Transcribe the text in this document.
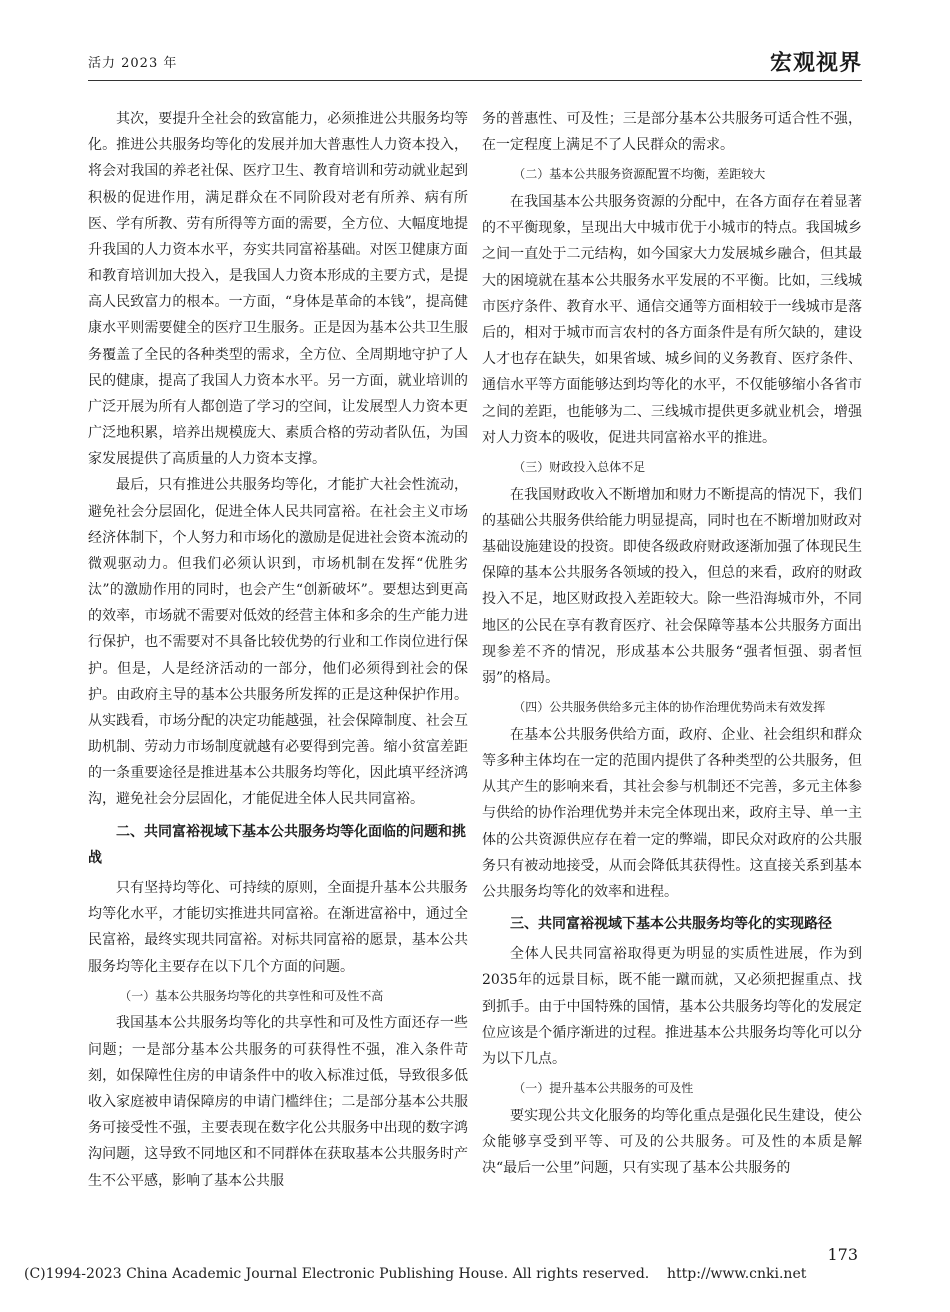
活力 2023 年	宏观视界

其次，要提升全社会的致富能力，必须推进公共服务均等化。推进公共服务均等化的发展并加大普惠性人力资本投入，将会对我国的养老社保、医疗卫生、教育培训和劳动就业起到积极的促进作用，满足群众在不同阶段对老有所养、病有所医、学有所教、劳有所得等方面的需要，全方位、大幅度地提升我国的人力资本水平，夯实共同富裕基础。对医卫健康方面和教育培训加大投入，是我国人力资本形成的主要方式，是提高人民致富力的根本。一方面，“身体是革命的本钱”，提高健康水平则需要健全的医疗卫生服务。正是因为基本公共卫生服务覆盖了全民的各种类型的需求，全方位、全周期地守护了人民的健康，提高了我国人力资本水平。另一方面，就业培训的广泛开展为所有人都创造了学习的空间，让发展型人力资本更广泛地积累，培养出规模庞大、素质合格的劳动者队伍，为国家发展提供了高质量的人力资本支撑。

最后，只有推进公共服务均等化，才能扩大社会性流动，避免社会分层固化，促进全体人民共同富裕。在社会主义市场经济体制下，个人努力和市场化的激励是促进社会资本流动的微观驱动力。但我们必须认识到，市场机制在发挥“优胜劣汰”的激励作用的同时，也会产生“创新破坏”。要想达到更高的效率，市场就不需要对低效的经营主体和多余的生产能力进行保护，也不需要对不具备比较优势的行业和工作岗位进行保护。但是，人是经济活动的一部分，他们必须得到社会的保护。由政府主导的基本公共服务所发挥的正是这种保护作用。从实践看，市场分配的决定功能越强，社会保障制度、社会互助机制、劳动力市场制度就越有必要得到完善。缩小贫富差距的一条重要途径是推进基本公共服务均等化，因此填平经济鸿沟，避免社会分层固化，才能促进全体人民共同富裕。

二、共同富裕视域下基本公共服务均等化面临的问题和挑战

只有坚持均等化、可持续的原则，全面提升基本公共服务均等化水平，才能切实推进共同富裕。在渐进富裕中，通过全民富裕，最终实现共同富裕。对标共同富裕的愿景，基本公共服务均等化主要存在以下几个方面的问题。

（一）基本公共服务均等化的共享性和可及性不高

我国基本公共服务均等化的共享性和可及性方面还存一些问题；一是部分基本公共服务的可获得性不强，准入条件苛刻，如保障性住房的申请条件中的收入标准过低，导致很多低收入家庭被申请保障房的申请门槛绊住；二是部分基本公共服务可接受性不强，主要表现在数字化公共服务中出现的数字鸿沟问题，这导致不同地区和不同群体在获取基本公共服务时产生不公平感，影响了基本公共服

务的普惠性、可及性；三是部分基本公共服务可适合性不强，在一定程度上满足不了人民群众的需求。

（二）基本公共服务资源配置不均衡，差距较大

在我国基本公共服务资源的分配中，在各方面存在着显著的不平衡现象，呈现出大中城市优于小城市的特点。我国城乡之间一直处于二元结构，如今国家大力发展城乡融合，但其最大的困境就在基本公共服务水平发展的不平衡。比如，三线城市医疗条件、教育水平、通信交通等方面相较于一线城市是落后的，相对于城市而言农村的各方面条件是有所欠缺的，建设人才也存在缺失，如果省域、城乡间的义务教育、医疗条件、通信水平等方面能够达到均等化的水平，不仅能够缩小各省市之间的差距，也能够为二、三线城市提供更多就业机会，增强对人力资本的吸收，促进共同富裕水平的推进。

（三）财政投入总体不足

在我国财政收入不断增加和财力不断提高的情况下，我们的基础公共服务供给能力明显提高，同时也在不断增加财政对基础设施建设的投资。即使各级政府财政逐渐加强了体现民生保障的基本公共服务各领域的投入，但总的来看，政府的财政投入不足，地区财政投入差距较大。除一些沿海城市外，不同地区的公民在享有教育医疗、社会保障等基本公共服务方面出现参差不齐的情况，形成基本公共服务“强者恒强、弱者恒弱”的格局。

（四）公共服务供给多元主体的协作治理优势尚未有效发挥

在基本公共服务供给方面，政府、企业、社会组织和群众等多种主体均在一定的范围内提供了各种类型的公共服务，但从其产生的影响来看，其社会参与机制还不完善，多元主体参与供给的协作治理优势并未完全体现出来，政府主导、单一主体的公共资源供应存在着一定的弊端，即民众对政府的公共服务只有被动地接受，从而会降低其获得性。这直接关系到基本公共服务均等化的效率和进程。

三、共同富裕视域下基本公共服务均等化的实现路径

全体人民共同富裕取得更为明显的实质性进展，作为到2035年的远景目标，既不能一蹴而就，又必须把握重点、找到抓手。由于中国特殊的国情，基本公共服务均等化的发展定位应该是个循序渐进的过程。推进基本公共服务均等化可以分为以下几点。

（一）提升基本公共服务的可及性

要实现公共文化服务的均等化重点是强化民生建设，使公众能够享受到平等、可及的公共服务。可及性的本质是解决“最后一公里”问题，只有实现了基本公共服务的

173
(C)1994-2023 China Academic Journal Electronic Publishing House. All rights reserved.    http://www.cnki.net
